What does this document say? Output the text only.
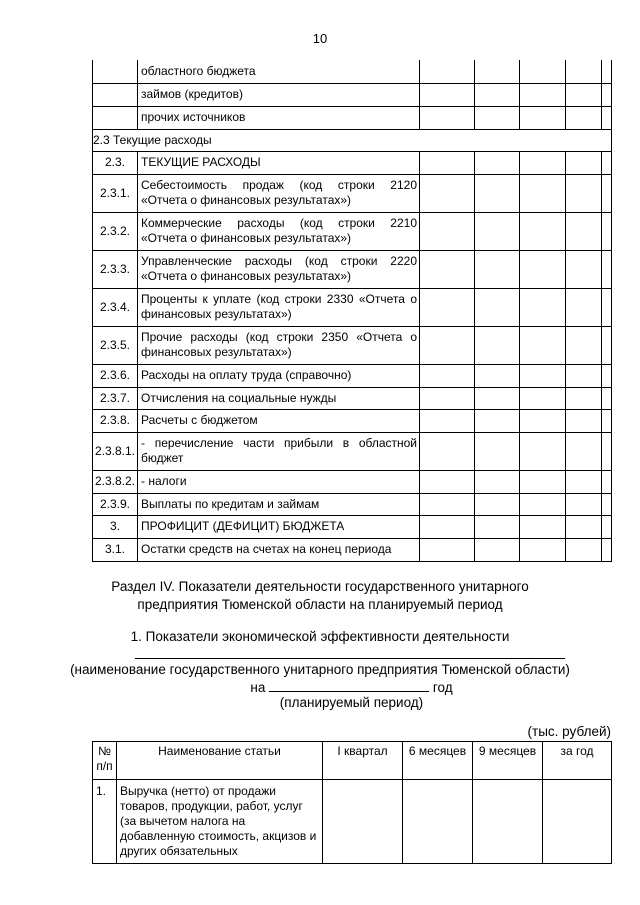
10
	областного бюджета					
	займов (кредитов)					
	прочих источников					
2.3 Текущие расходы						
2.3.	ТЕКУЩИЕ РАСХОДЫ					
2.3.1.	Себестоимость продаж (код строки 2120 «Отчета о финансовых результатах»)					
2.3.2.	Коммерческие расходы (код строки 2210 «Отчета о финансовых результатах»)					
2.3.3.	Управленческие расходы (код строки 2220 «Отчета о финансовых результатах»)					
2.3.4.	Проценты к уплате (код строки 2330 «Отчета о финансовых результатах»)					
2.3.5.	Прочие расходы (код строки 2350 «Отчета о финансовых результатах»)					
2.3.6.	Расходы на оплату труда (справочно)					
2.3.7.	Отчисления на социальные нужды					
2.3.8.	Расчеты с бюджетом					
2.3.8.1.	- перечисление части прибыли в областной бюджет					
2.3.8.2.	- налоги					
2.3.9.	Выплаты по кредитам и займам					
3.	ПРОФИЦИТ (ДЕФИЦИТ) БЮДЖЕТА					
3.1.	Остатки средств на счетах на конец периода					
Раздел IV. Показатели деятельности государственного унитарного
предприятия Тюменской области на планируемый период
1. Показатели экономической эффективности деятельности
(наименование государственного унитарного предприятия Тюменской области)
на	год
(планируемый период)
(тыс. рублей)
№ п/п	Наименование статьи	I квартал	6 месяцев	9 месяцев	за год
1.	Выручка (нетто) от продажи товаров, продукции, работ, услуг (за вычетом налога на добавленную стоимость, акцизов и других обязательных				
